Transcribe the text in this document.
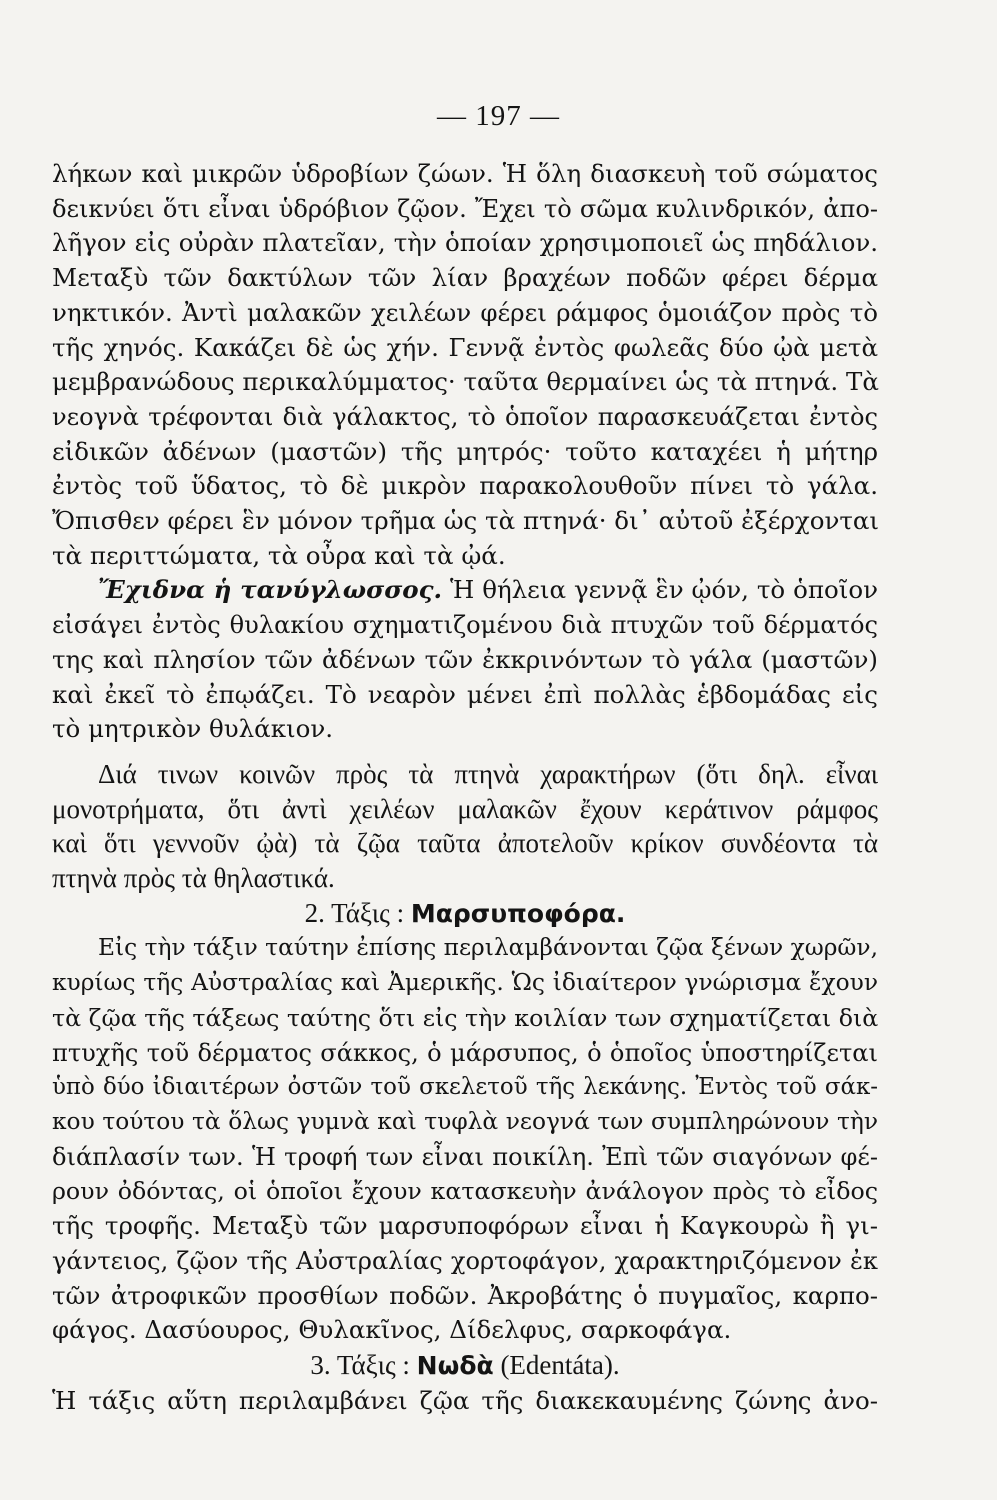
— 197 —
λήκων καὶ μικρῶν ὑδροβίων ζώων. Ἡ ὅλη διασκευὴ τοῦ σώματος
δεικνύει ὅτι εἶναι ὑδρόβιον ζῷον. Ἔχει τὸ σῶμα κυλινδρικόν, ἀπο-
λῆγον εἰς οὐρὰν πλατεῖαν, τὴν ὁποίαν χρησιμοποιεῖ ὡς πηδάλιον.
Μεταξὺ τῶν δακτύλων τῶν λίαν βραχέων ποδῶν φέρει δέρμα
νηκτικόν. Ἀντὶ μαλακῶν χειλέων φέρει ράμφος ὁμοιάζον πρὸς τὸ
τῆς χηνός. Κακάζει δὲ ὡς χήν. Γεννᾷ ἐντὸς φωλεᾶς δύο ᾠὰ μετὰ
μεμβρανώδους περικαλύμματος· ταῦτα θερμαίνει ὡς τὰ πτηνά. Τὰ
νεογνὰ τρέφονται διὰ γάλακτος, τὸ ὁποῖον παρασκευάζεται ἐντὸς
εἰδικῶν ἀδένων (μαστῶν) τῆς μητρός· τοῦτο καταχέει ἡ μήτηρ
ἐντὸς τοῦ ὕδατος, τὸ δὲ μικρὸν παρακολουθοῦν πίνει τὸ γάλα.
Ὄπισθεν φέρει ἓν μόνον τρῆμα ὡς τὰ πτηνά· δι᾽ αὐτοῦ ἐξέρχονται
τὰ περιττώματα, τὰ οὖρα καὶ τὰ ᾠά.
Ἔχιδνα ἡ τανύγλωσσος. Ἡ θήλεια γεννᾷ ἓν ᾠόν, τὸ ὁποῖον
εἰσάγει ἐντὸς θυλακίου σχηματιζομένου διὰ πτυχῶν τοῦ δέρματός
της καὶ πλησίον τῶν ἀδένων τῶν ἐκκρινόντων τὸ γάλα (μαστῶν)
καὶ ἐκεῖ τὸ ἐπῳάζει. Τὸ νεαρὸν μένει ἐπὶ πολλὰς ἑβδομάδας εἰς
τὸ μητρικὸν θυλάκιον.
Διά τινων κοινῶν πρὸς τὰ πτηνὰ χαρακτήρων (ὅτι δηλ. εἶναι
μονοτρήματα, ὅτι ἀντὶ χειλέων μαλακῶν ἔχουν κεράτινον ράμφος
καὶ ὅτι γεννοῦν ᾠὰ) τὰ ζῷα ταῦτα ἀποτελοῦν κρίκον συνδέοντα τὰ
πτηνὰ πρὸς τὰ θηλαστικά.
2. Τάξις : Μαρσυποφόρα.
Εἰς τὴν τάξιν ταύτην ἐπίσης περιλαμβάνονται ζῷα ξένων χωρῶν,
κυρίως τῆς Αὐστραλίας καὶ Ἀμερικῆς. Ὡς ἰδιαίτερον γνώρισμα ἔχουν
τὰ ζῷα τῆς τάξεως ταύτης ὅτι εἰς τὴν κοιλίαν των σχηματίζεται διὰ
πτυχῆς τοῦ δέρματος σάκκος, ὁ μάρσυπος, ὁ ὁποῖος ὑποστηρίζεται
ὑπὸ δύο ἰδιαιτέρων ὀστῶν τοῦ σκελετοῦ τῆς λεκάνης. Ἐντὸς τοῦ σάκ-
κου τούτου τὰ ὅλως γυμνὰ καὶ τυφλὰ νεογνά των συμπληρώνουν τὴν
διάπλασίν των. Ἡ τροφή των εἶναι ποικίλη. Ἐπὶ τῶν σιαγόνων φέ-
ρουν ὀδόντας, οἱ ὁποῖοι ἔχουν κατασκευὴν ἀνάλογον πρὸς τὸ εἶδος
τῆς τροφῆς. Μεταξὺ τῶν μαρσυποφόρων εἶναι ἡ Καγκουρὼ ἢ γι-
γάντειος, ζῷον τῆς Αὐστραλίας χορτοφάγον, χαρακτηριζόμενον ἐκ
τῶν ἀτροφικῶν προσθίων ποδῶν. Ἀκροβάτης ὁ πυγμαῖος, καρπο-
φάγος. Δασύουρος, Θυλακῖνος, Δίδελφυς, σαρκοφάγα.
3. Τάξις : Νωδὰ (Edentáta).
Ἡ τάξις αὕτη περιλαμβάνει ζῷα τῆς διακεκαυμένης ζώνης ἀνο-
